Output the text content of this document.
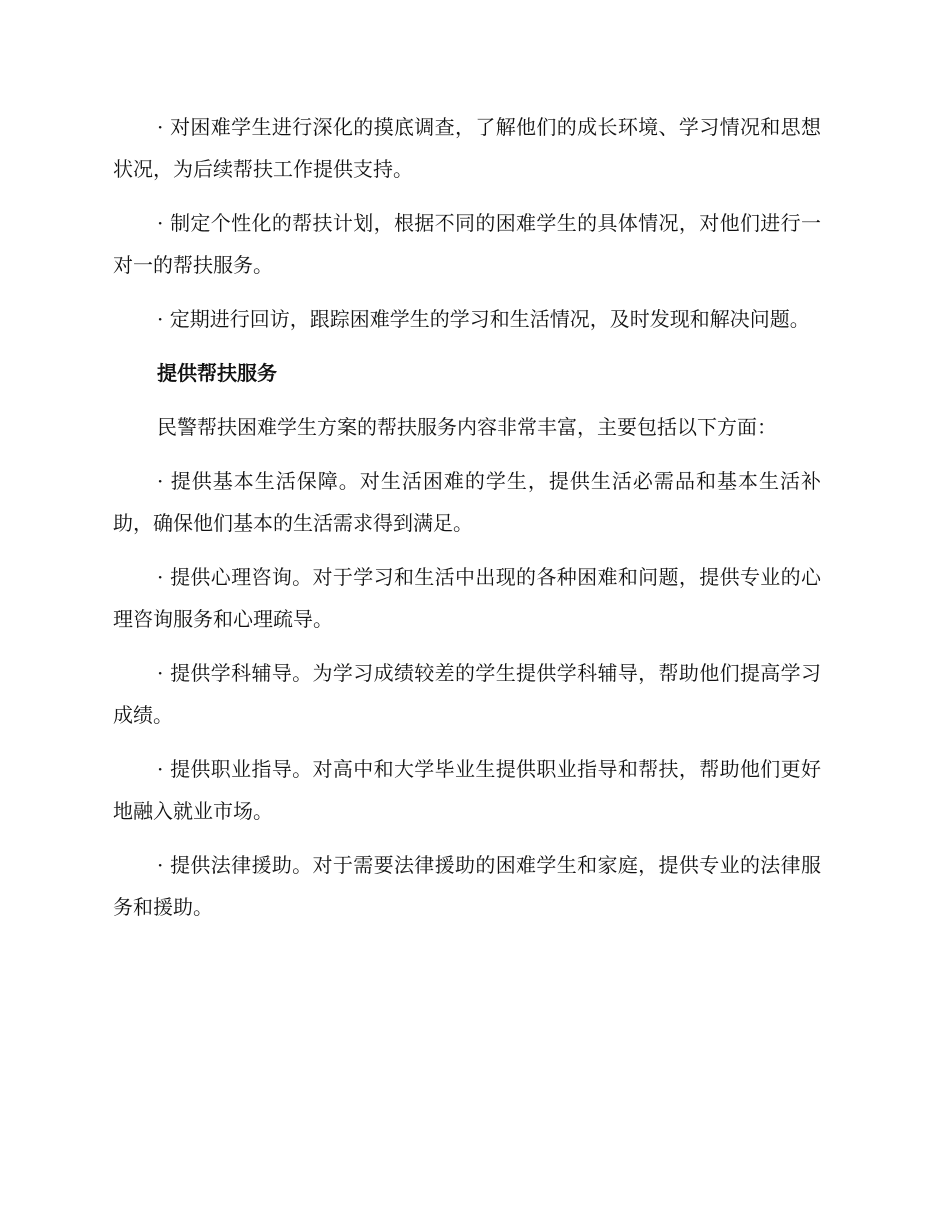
· 对困难学生进行深化的摸底调查，了解他们的成长环境、学习情况和思想状况，为后续帮扶工作提供支持。

· 制定个性化的帮扶计划，根据不同的困难学生的具体情况，对他们进行一对一的帮扶服务。

· 定期进行回访，跟踪困难学生的学习和生活情况，及时发现和解决问题。

提供帮扶服务

民警帮扶困难学生方案的帮扶服务内容非常丰富，主要包括以下方面：

· 提供基本生活保障。对生活困难的学生，提供生活必需品和基本生活补助，确保他们基本的生活需求得到满足。

· 提供心理咨询。对于学习和生活中出现的各种困难和问题，提供专业的心理咨询服务和心理疏导。

· 提供学科辅导。为学习成绩较差的学生提供学科辅导，帮助他们提高学习成绩。

· 提供职业指导。对高中和大学毕业生提供职业指导和帮扶，帮助他们更好地融入就业市场。

· 提供法律援助。对于需要法律援助的困难学生和家庭，提供专业的法律服务和援助。
